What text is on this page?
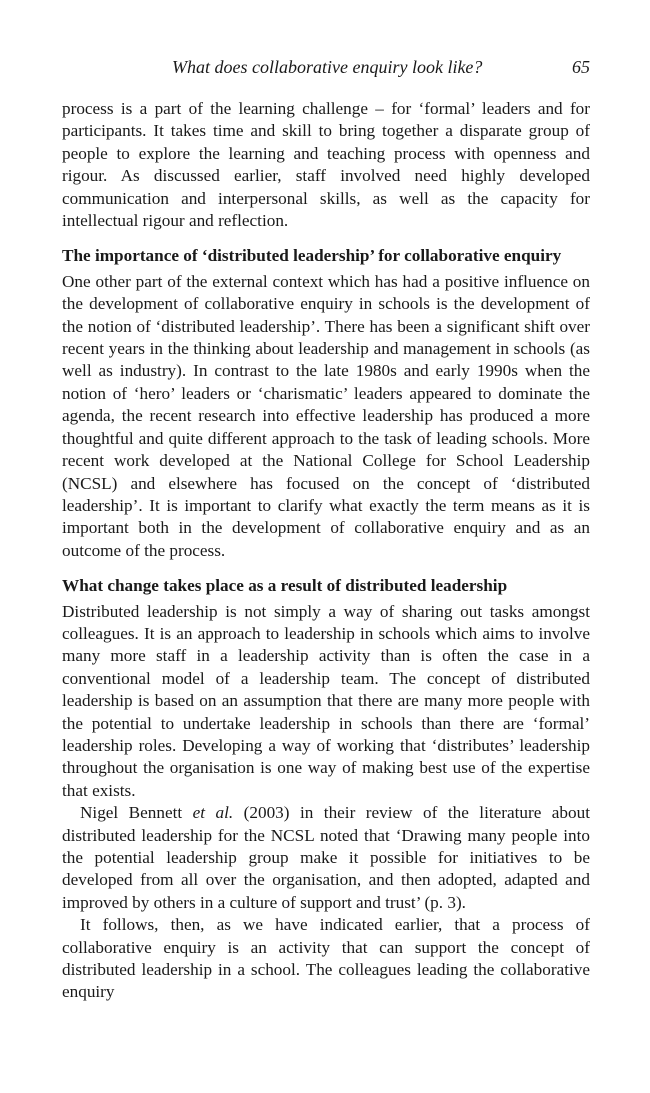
What does collaborative enquiry look like?	65

process is a part of the learning challenge – for ‘formal’ leaders and for participants. It takes time and skill to bring together a disparate group of people to explore the learning and teaching process with openness and rigour. As discussed earlier, staff involved need highly developed communication and interpersonal skills, as well as the capacity for intellectual rigour and reflection.

The importance of ‘distributed leadership’ for collaborative enquiry

One other part of the external context which has had a positive influence on the development of collaborative enquiry in schools is the development of the notion of ‘distributed leadership’. There has been a significant shift over recent years in the thinking about leadership and management in schools (as well as industry). In contrast to the late 1980s and early 1990s when the notion of ‘hero’ leaders or ‘charismatic’ leaders appeared to dominate the agenda, the recent research into effective leadership has produced a more thoughtful and quite different approach to the task of leading schools. More recent work developed at the National College for School Leadership (NCSL) and elsewhere has focused on the concept of ‘distributed leadership’. It is important to clarify what exactly the term means as it is important both in the development of collaborative enquiry and as an outcome of the process.

What change takes place as a result of distributed leadership

Distributed leadership is not simply a way of sharing out tasks amongst colleagues. It is an approach to leadership in schools which aims to involve many more staff in a leadership activity than is often the case in a conventional model of a leadership team. The concept of distributed leadership is based on an assumption that there are many more people with the potential to undertake leadership in schools than there are ‘formal’ leadership roles. Developing a way of working that ‘distributes’ leadership throughout the organisation is one way of making best use of the expertise that exists.

Nigel Bennett et al. (2003) in their review of the literature about distributed leadership for the NCSL noted that ‘Drawing many people into the potential leadership group make it possible for initiatives to be developed from all over the organisation, and then adopted, adapted and improved by others in a culture of support and trust’ (p. 3).

It follows, then, as we have indicated earlier, that a process of collaborative enquiry is an activity that can support the concept of distributed leadership in a school. The colleagues leading the collaborative enquiry
